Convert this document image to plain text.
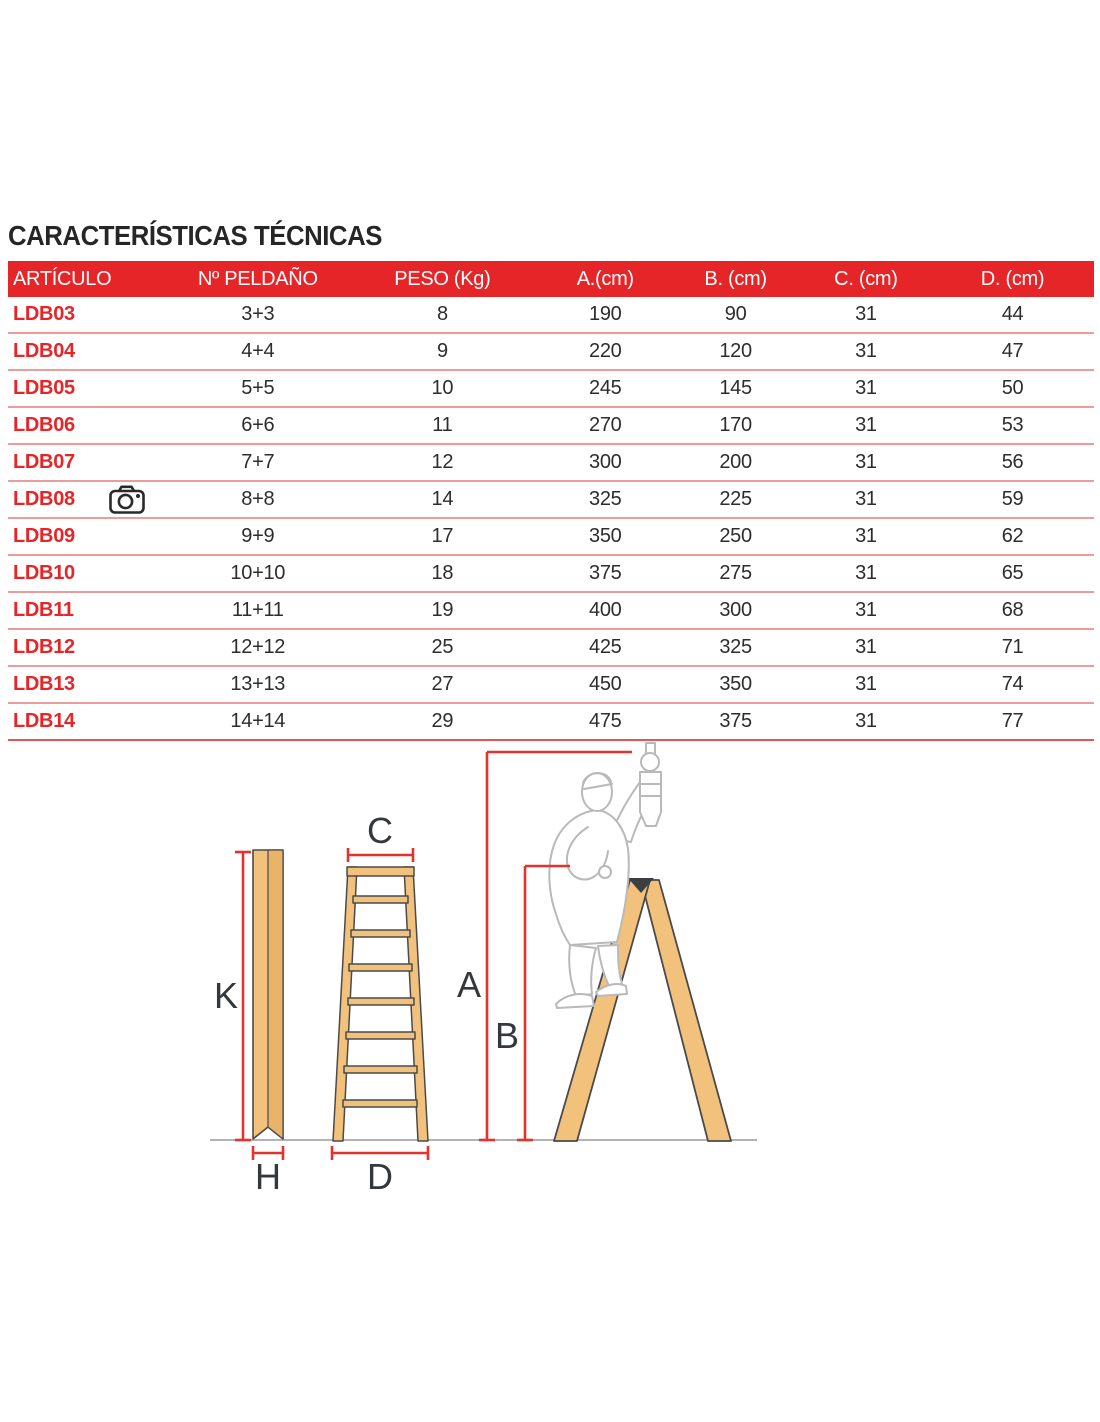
CARACTERÍSTICAS TÉCNICAS
ARTÍCULO	Nº PELDAÑO	PESO (Kg)	A.(cm)	B. (cm)	C. (cm)	D. (cm)
LDB03	3+3	8	190	90	31	44
LDB04	4+4	9	220	120	31	47
LDB05	5+5	10	245	145	31	50
LDB06	6+6	11	270	170	31	53
LDB07	7+7	12	300	200	31	56
LDB08	8+8	14	325	225	31	59
LDB09	9+9	17	350	250	31	62
LDB10	10+10	18	375	275	31	65
LDB11	11+11	19	400	300	31	68
LDB12	12+12	25	425	325	31	71
LDB13	13+13	27	450	350	31	74
LDB14	14+14	29	475	375	31	77
K
H
C
D
A
B
